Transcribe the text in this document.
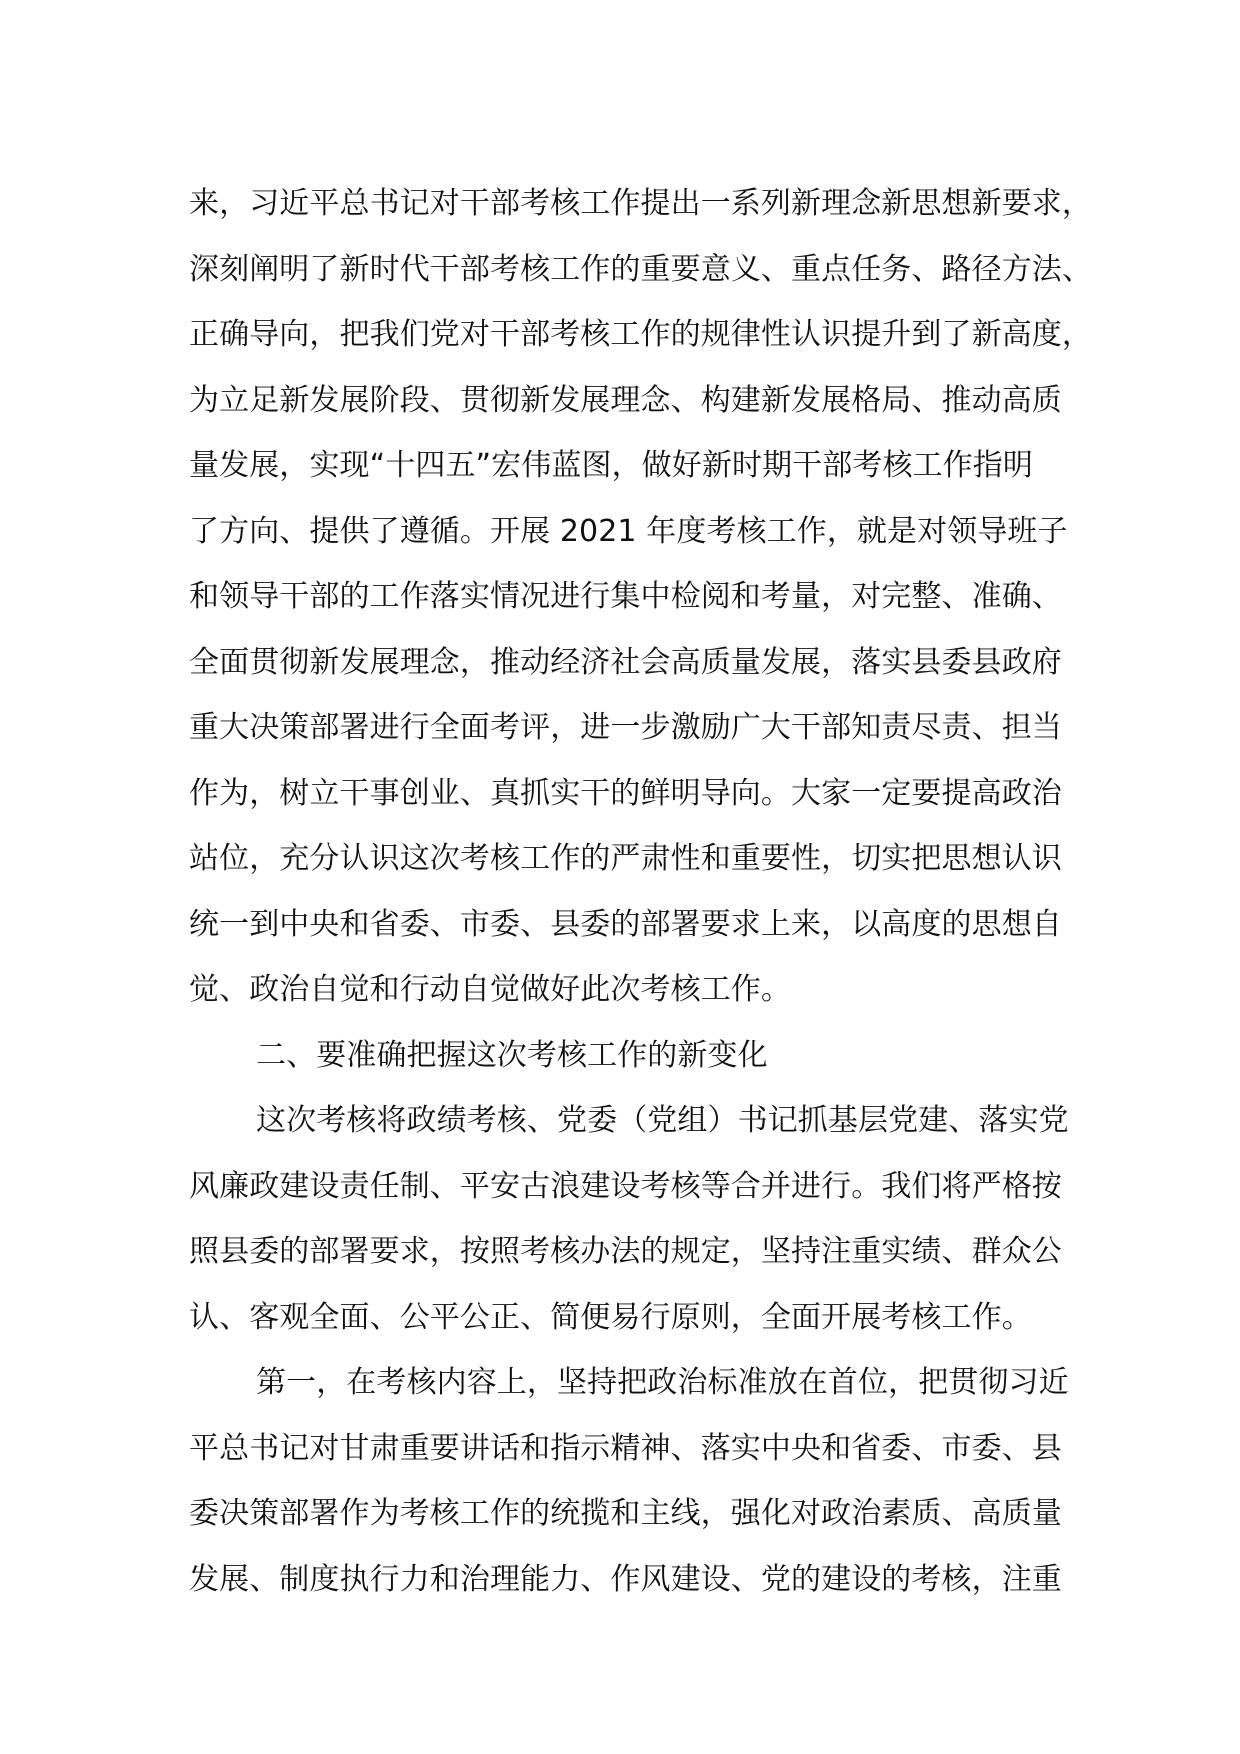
来，习近平总书记对干部考核工作提出一系列新理念新思想新要求，
深刻阐明了新时代干部考核工作的重要意义、重点任务、路径方法、
正确导向，把我们党对干部考核工作的规律性认识提升到了新高度，
为立足新发展阶段、贯彻新发展理念、构建新发展格局、推动高质
量发展，实现“十四五”宏伟蓝图，做好新时期干部考核工作指明
了方向、提供了遵循。开展 2021 年度考核工作，就是对领导班子
和领导干部的工作落实情况进行集中检阅和考量，对完整、准确、
全面贯彻新发展理念，推动经济社会高质量发展，落实县委县政府
重大决策部署进行全面考评，进一步激励广大干部知责尽责、担当
作为，树立干事创业、真抓实干的鲜明导向。大家一定要提高政治
站位，充分认识这次考核工作的严肃性和重要性，切实把思想认识
统一到中央和省委、市委、县委的部署要求上来，以高度的思想自
觉、政治自觉和行动自觉做好此次考核工作。
二、要准确把握这次考核工作的新变化
这次考核将政绩考核、党委（党组）书记抓基层党建、落实党
风廉政建设责任制、平安古浪建设考核等合并进行。我们将严格按
照县委的部署要求，按照考核办法的规定，坚持注重实绩、群众公
认、客观全面、公平公正、简便易行原则，全面开展考核工作。
第一，在考核内容上，坚持把政治标准放在首位，把贯彻习近
平总书记对甘肃重要讲话和指示精神、落实中央和省委、市委、县
委决策部署作为考核工作的统揽和主线，强化对政治素质、高质量
发展、制度执行力和治理能力、作风建设、党的建设的考核，注重
